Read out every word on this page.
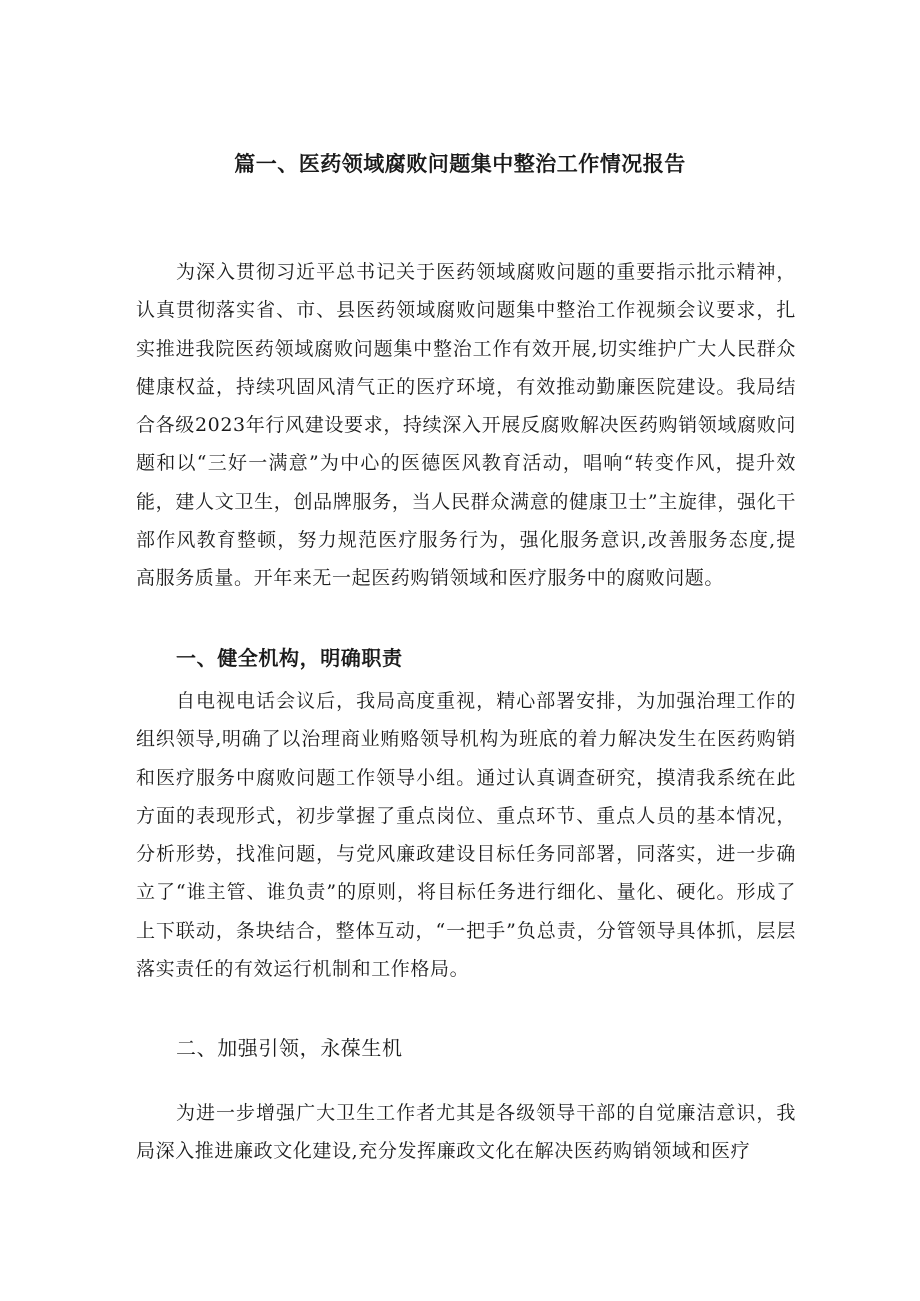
篇一、医药领域腐败问题集中整治工作情况报告

为深入贯彻习近平总书记关于医药领域腐败问题的重要指示批示精神，认真贯彻落实省、市、县医药领域腐败问题集中整治工作视频会议要求，扎实推进我院医药领域腐败问题集中整治工作有效开展,切实维护广大人民群众健康权益，持续巩固风清气正的医疗环境，有效推动勤廉医院建设。我局结合各级2023年行风建设要求，持续深入开展反腐败解决医药购销领域腐败问题和以“三好一满意”为中心的医德医风教育活动，唱响“转变作风，提升效能，建人文卫生，创品牌服务，当人民群众满意的健康卫士”主旋律，强化干部作风教育整顿，努力规范医疗服务行为，强化服务意识,改善服务态度,提高服务质量。开年来无一起医药购销领域和医疗服务中的腐败问题。

一、健全机构，明确职责

自电视电话会议后，我局高度重视，精心部署安排，为加强治理工作的组织领导,明确了以治理商业贿赂领导机构为班底的着力解决发生在医药购销和医疗服务中腐败问题工作领导小组。通过认真调查研究，摸清我系统在此方面的表现形式，初步掌握了重点岗位、重点环节、重点人员的基本情况，分析形势，找准问题，与党风廉政建设目标任务同部署，同落实，进一步确立了“谁主管、谁负责”的原则，将目标任务进行细化、量化、硬化。形成了上下联动，条块结合，整体互动，“一把手”负总责，分管领导具体抓，层层落实责任的有效运行机制和工作格局。

二、加强引领，永葆生机

为进一步增强广大卫生工作者尤其是各级领导干部的自觉廉洁意识，我局深入推进廉政文化建设,充分发挥廉政文化在解决医药购销领域和医疗
